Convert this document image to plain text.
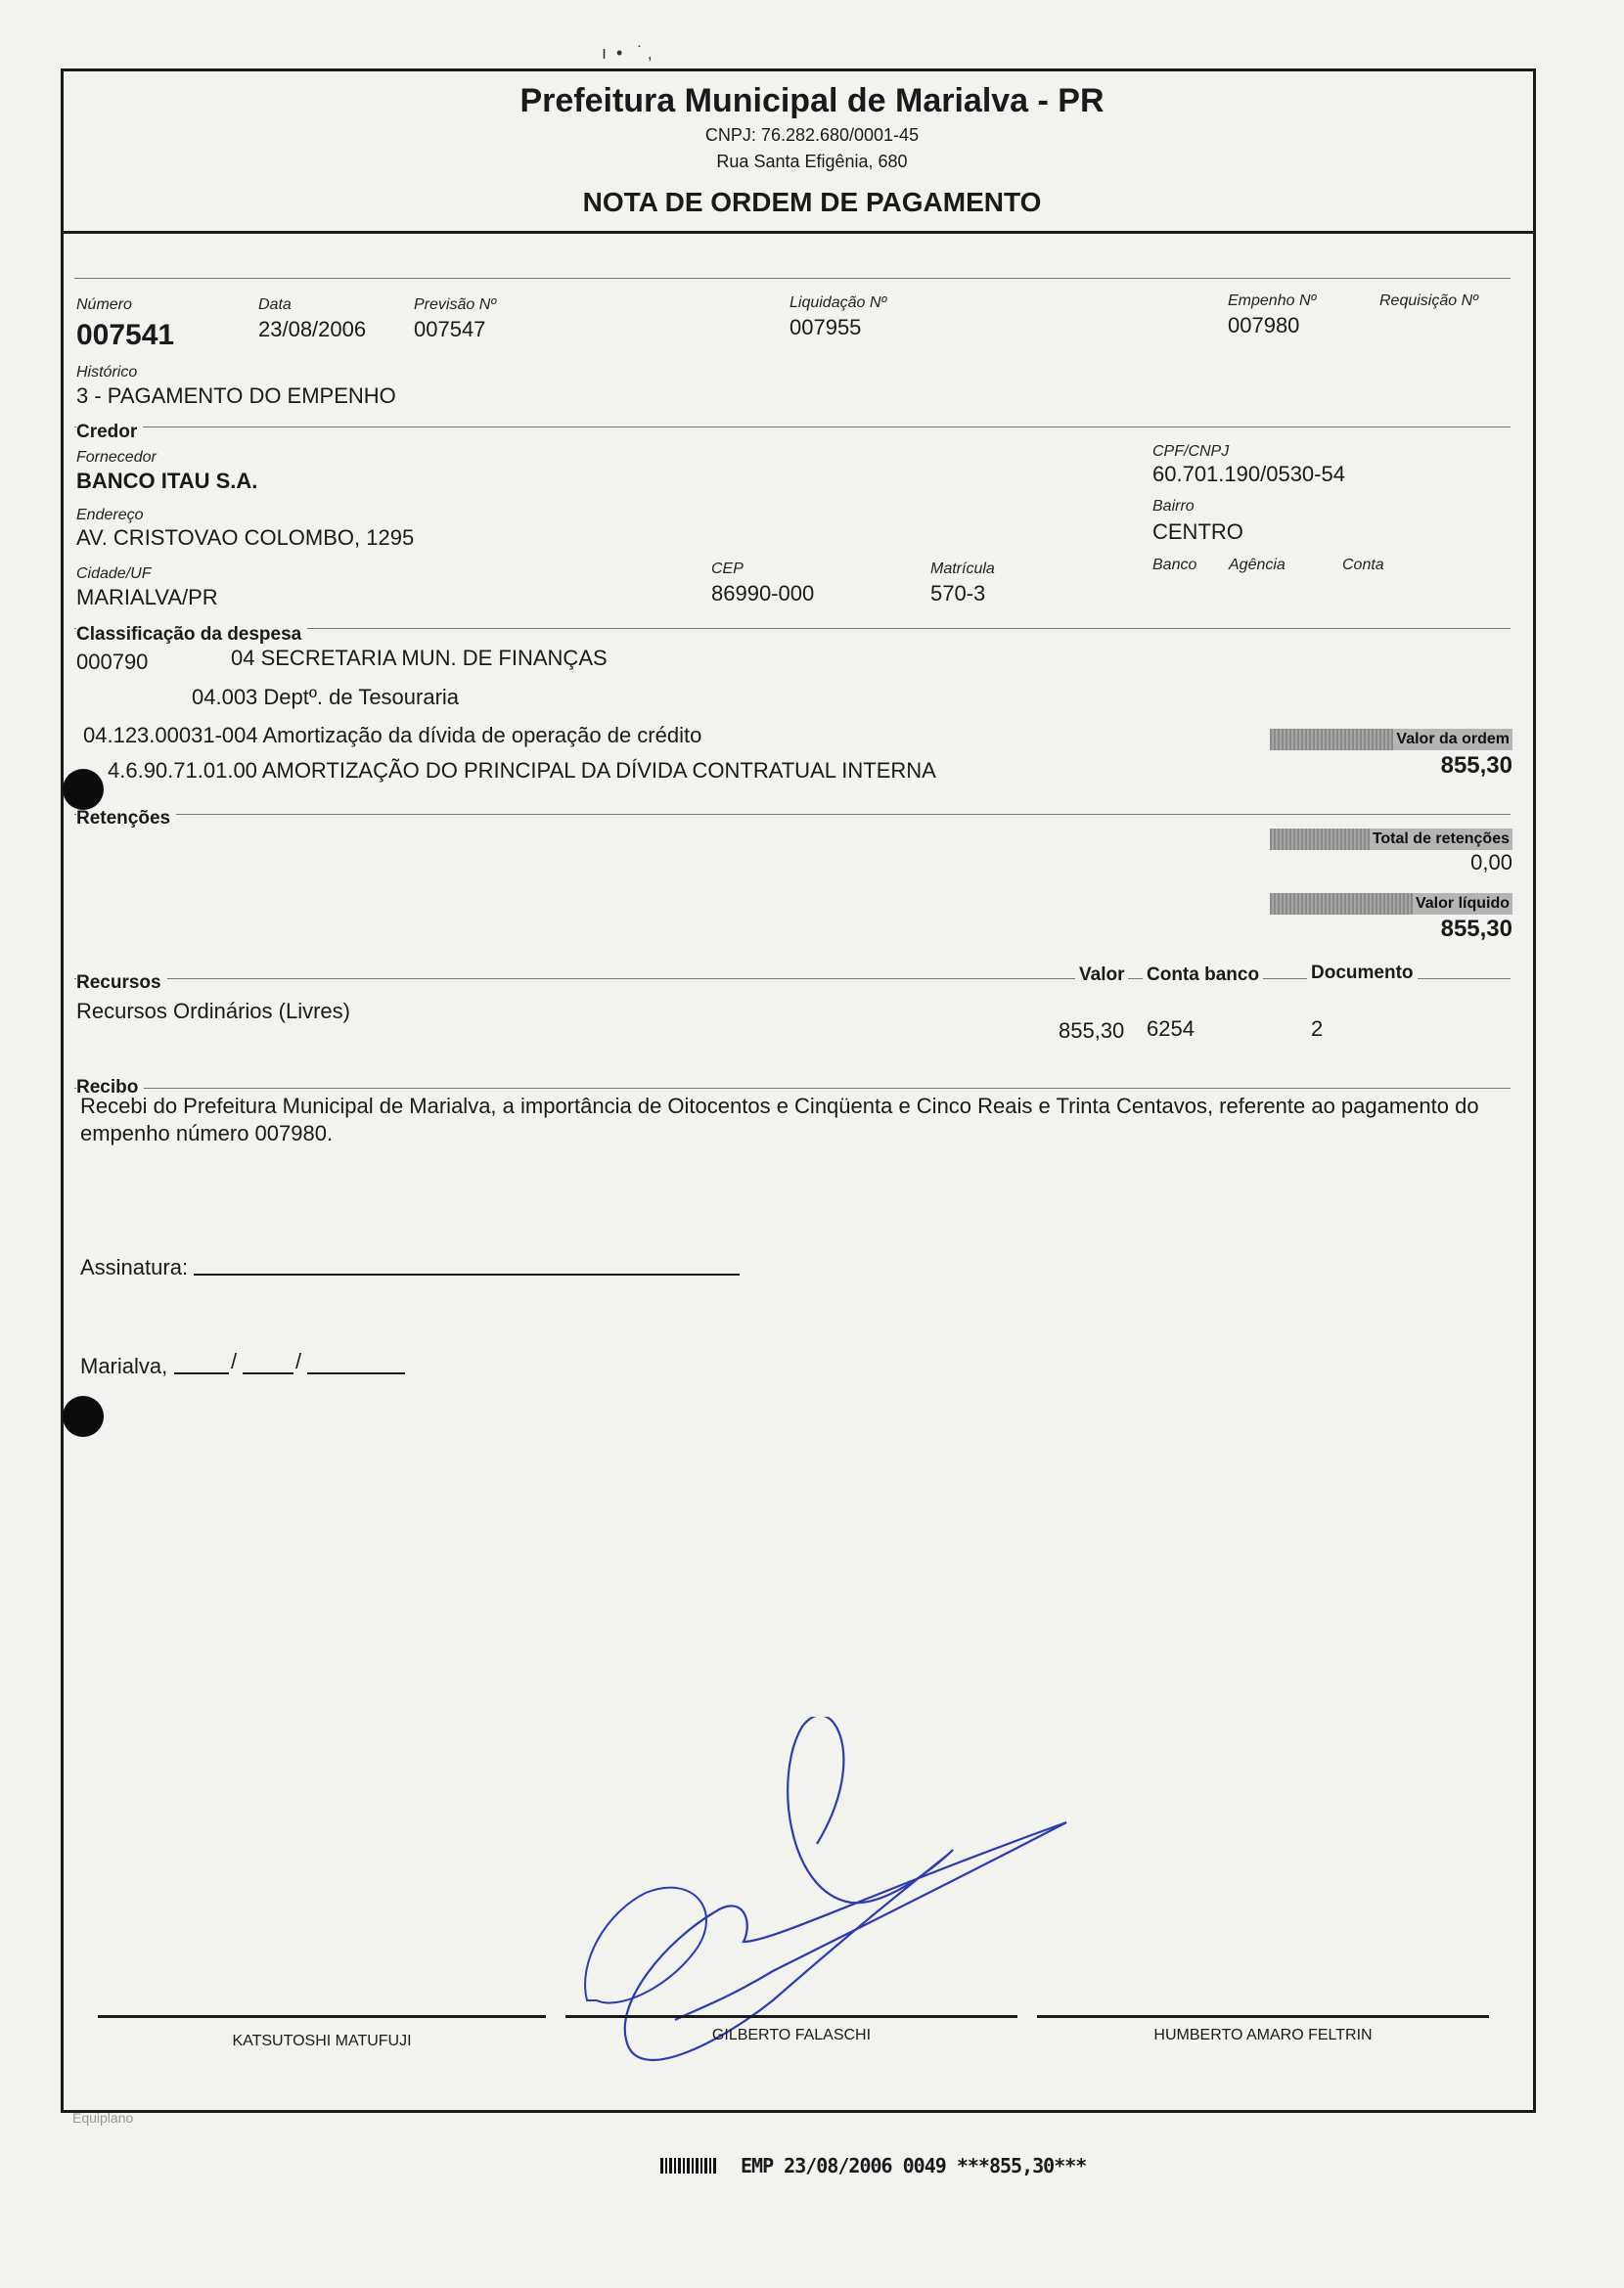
ı  •   ˙ ‚
Prefeitura Municipal de Marialva - PR
CNPJ: 76.282.680/0001-45
Rua Santa Efigênia, 680
NOTA DE ORDEM DE PAGAMENTO
Número
007541
Data
23/08/2006
Previsão Nº
007547
Liquidação Nº
007955
Empenho Nº
007980
Requisição Nº
Histórico
3 - PAGAMENTO DO EMPENHO
Credor
Fornecedor
BANCO ITAU S.A.
CPF/CNPJ
60.701.190/0530-54
Endereço
AV. CRISTOVAO COLOMBO, 1295
Bairro
CENTRO
Cidade/UF
MARIALVA/PR
CEP
86990-000
Matrícula
570-3
Banco Agência	Conta
Classificação da despesa
000790	04 SECRETARIA MUN. DE FINANÇAS
04.003 Deptº. de Tesouraria
04.123.00031-004 Amortização da dívida de operação de crédito
4.6.90.71.01.00 AMORTIZAÇÃO DO PRINCIPAL DA DÍVIDA CONTRATUAL INTERNA
Valor da ordem
855,30
Retenções
Total de retenções
0,00
Valor líquido
855,30
Recursos	Valor Conta banco	Documento
Recursos Ordinários (Livres)
855,30 6254	2
Recibo
Recebi do Prefeitura Municipal de Marialva, a importância de Oitocentos e Cinqüenta e Cinco Reais e Trinta Centavos, referente ao pagamento do empenho número 007980.
Assinatura:
Marialva,	/	/
KATSUTOSHI MATUFUJI	GILBERTO FALASCHI	HUMBERTO AMARO FELTRIN
Equiplano
EMP 23/08/2006 0049 ***855,30***
